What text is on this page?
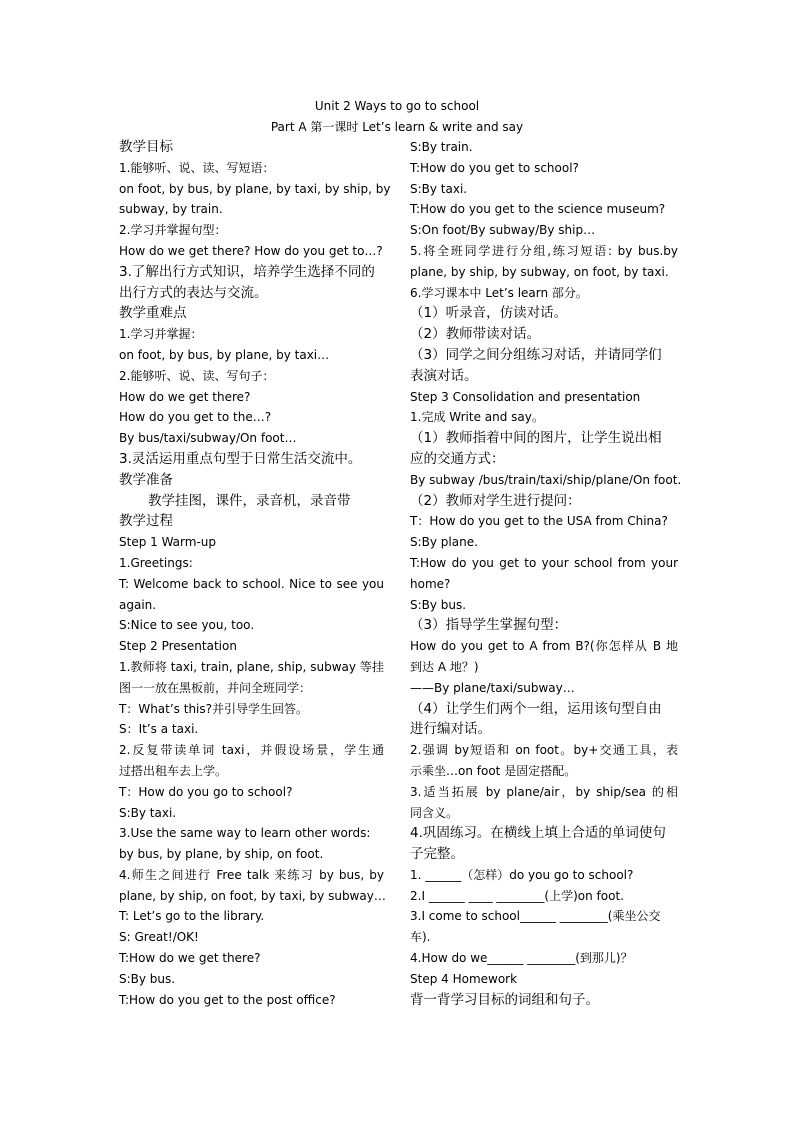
Unit 2 Ways to go to school
Part A 第一课时 Let’s learn & write and say
教学目标
1.能够听、说、读、写短语：
on foot, by bus, by plane, by taxi, by ship, by
subway, by train.
2.学习并掌握句型：
How do we get there? How do you get to…?
3.了解出行方式知识，培养学生选择不同的
出行方式的表达与交流。
教学重难点
1.学习并掌握：
on foot, by bus, by plane, by taxi…
2.能够听、说、读、写句子：
How do we get there?
How do you get to the…?
By bus/taxi/subway/On foot…
3.灵活运用重点句型于日常生活交流中。
教学准备
教学挂图，课件，录音机，录音带
教学过程
Step 1 Warm-up
1.Greetings:
T: Welcome back to school. Nice to see you
again.
S:Nice to see you, too.
Step 2 Presentation
1.教师将 taxi, train, plane, ship, subway 等挂
图一一放在黑板前，并问全班同学：
T：What’s this?并引导学生回答。
S：It’s a taxi.
2.反复带读单词 taxi，并假设场景，学生通
过搭出租车去上学。
T：How do you go to school?
S:By taxi.
3.Use the same way to learn other words:
by bus, by plane, by ship, on foot.
4.师生之间进行 Free talk 来练习 by bus, by
plane, by ship, on foot, by taxi, by subway…
T: Let’s go to the library.
S: Great!/OK!
T:How do we get there?
S:By bus.
T:How do you get to the post office?
S:By train.
T:How do you get to school?
S:By taxi.
T:How do you get to the science museum?
S:On foot/By subway/By ship…
5.将全班同学进行分组,练习短语: by bus.by
plane, by ship, by subway, on foot, by taxi.
6.学习课本中 Let’s learn 部分。
（1）听录音，仿读对话。
（2）教师带读对话。
（3）同学之间分组练习对话，并请同学们
表演对话。
Step 3 Consolidation and presentation
1.完成 Write and say。
（1）教师指着中间的图片，让学生说出相
应的交通方式：
By subway /bus/train/taxi/ship/plane/On foot.
（2）教师对学生进行提问：
T：How do you get to the USA from China?
S:By plane.
T:How do you get to your school from your
home?
S:By bus.
（3）指导学生掌握句型：
How do you get to A from B?(你怎样从 B 地
到达 A 地？)
——By plane/taxi/subway…
（4）让学生们两个一组，运用该句型自由
进行编对话。
2.强调 by短语和 on foot。by+交通工具，表
示乘坐…on foot 是固定搭配。
3.适当拓展 by plane/air，by ship/sea 的相
同含义。
4.巩固练习。在横线上填上合适的单词使句
子完整。
1. ______（怎样）do you go to school?
2.I ______ ____ ________(上学)on foot.
3.I come to school______ ________(乘坐公交
车).
4.How do we______ ________(到那儿)？
Step 4 Homework
背一背学习目标的词组和句子。
